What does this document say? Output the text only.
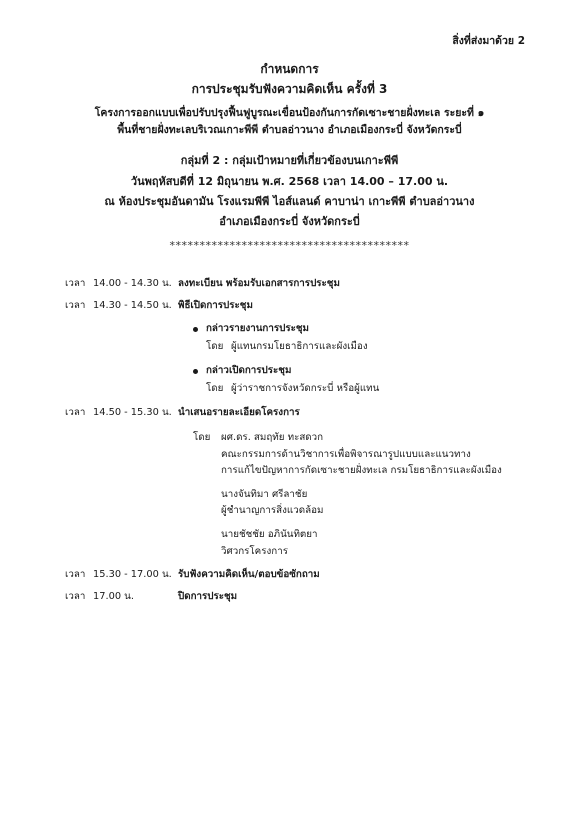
สิ่งที่ส่งมาด้วย 2
กำหนดการ
การประชุมรับฟังความคิดเห็น ครั้งที่ 3
โครงการออกแบบเพื่อปรับปรุงฟื้นฟูบูรณะเขื่อนป้องกันการกัดเซาะชายฝั่งทะเล ระยะที่ ๑
พื้นที่ชายฝั่งทะเลบริเวณเกาะพีพี ตำบลอ่าวนาง อำเภอเมืองกระบี่ จังหวัดกระบี่
กลุ่มที่ 2 : กลุ่มเป้าหมายที่เกี่ยวข้องบนเกาะพีพี
วันพฤหัสบดีที่ 12 มิถุนายน พ.ศ. 2568 เวลา 14.00 – 17.00 น.
ณ ห้องประชุมอันดามัน โรงแรมพีพี ไอส์แลนด์ คาบาน่า เกาะพีพี ตำบลอ่าวนาง
อำเภอเมืองกระบี่ จังหวัดกระบี่
****************************************
เวลา 14.00 - 14.30 น. ลงทะเบียน พร้อมรับเอกสารการประชุม
เวลา 14.30 - 14.50 น. พิธีเปิดการประชุม
กล่าวรายงานการประชุม
โดย ผู้แทนกรมโยธาธิการและผังเมือง
กล่าวเปิดการประชุม
โดย ผู้ว่าราชการจังหวัดกระบี่ หรือผู้แทน
เวลา 14.50 - 15.30 น. นำเสนอรายละเอียดโครงการ
โดย ผศ.ดร. สมฤทัย ทะสดวก
คณะกรรมการด้านวิชาการเพื่อพิจารณารูปแบบและแนวทาง
การแก้ไขปัญหาการกัดเซาะชายฝั่งทะเล กรมโยธาธิการและผังเมือง
นางจันทิมา ศรีลาชัย
ผู้ชำนาญการสิ่งแวดล้อม
นายชัชชัย อภินันทิตยา
วิศวกรโครงการ
เวลา 15.30 - 17.00 น. รับฟังความคิดเห็น/ตอบข้อซักถาม
เวลา 17.00 น.	ปิดการประชุม
